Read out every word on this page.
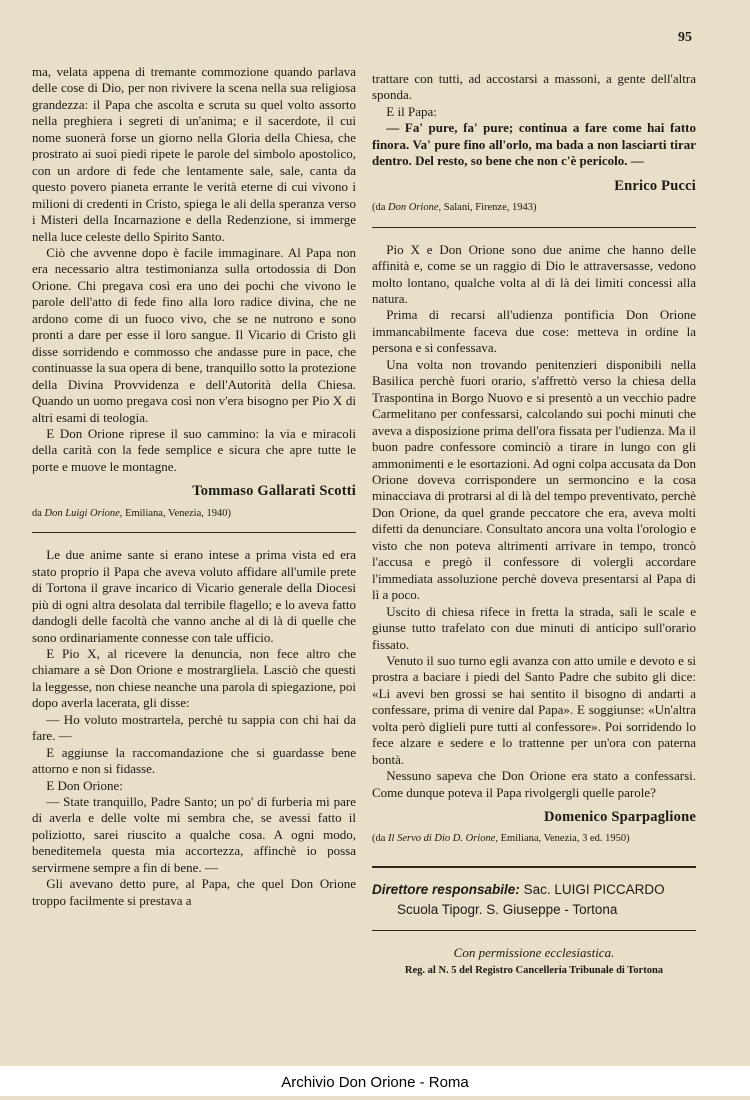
95

ma, velata appena di tremante commozione quando parlava delle cose di Dio, per non rivivere la scena nella sua religiosa grandezza: il Papa che ascolta e scruta su quel volto assorto nella preghiera i segreti di un'anima; e il sacerdote, il cui nome suonerà forse un giorno nella Gloria della Chiesa, che prostrato ai suoi piedi ripete le parole del simbolo apostolico, con un ardore di fede che lentamente sale, sale, canta da questo povero pianeta errante le verità eterne di cui vivono i milioni di credenti in Cristo, spiega le ali della speranza verso i Misteri della Incarnazione e della Redenzione, si immerge nella luce celeste dello Spirito Santo.

Ciò che avvenne dopo è facile immaginare. Al Papa non era necessario altra testimonianza sulla ortodossia di Don Orione. Chi pregava così era uno dei pochi che vivono le parole dell'atto di fede fino alla loro radice divina, che ne ardono come di un fuoco vivo, che se ne nutrono e sono pronti a dare per esse il loro sangue. Il Vicario di Cristo gli disse sorridendo e commosso che andasse pure in pace, che continuasse la sua opera di bene, tranquillo sotto la protezione della Divina Provvidenza e dell'Autorità della Chiesa. Quando un uomo pregava così non v'era bisogno per Pio X di altri esami di teologia.

E Don Orione riprese il suo cammino: la via e miracoli della carità con la fede semplice e sicura che apre tutte le porte e muove le montagne.

Tommaso Gallarati Scotti
da Don Luigi Orione, Emiliana, Venezia, 1940)

Le due anime sante si erano intese a prima vista ed era stato proprio il Papa che aveva voluto affidare all'umile prete di Tortona il grave incarico di Vicario generale della Diocesi più di ogni altra desolata dal terribile flagello; e lo aveva fatto dandogli delle facoltà che vanno anche al di là di quelle che sono ordinariamente connesse con tale ufficio.

E Pio X, al ricevere la denuncia, non fece altro che chiamare a sè Don Orione e mostrargliela. Lasciò che questi la leggesse, non chiese neanche una parola di spiegazione, poi dopo averla lacerata, gli disse:

— Ho voluto mostrartela, perchè tu sappia con chi hai da fare. —

E aggiunse la raccomandazione che si guardasse bene attorno e non si fidasse.

E Don Orione:

— State tranquillo, Padre Santo; un po' di furberia mi pare di averla e delle volte mi sembra che, se avessi fatto il poliziotto, sarei riuscito a qualche cosa. A ogni modo, beneditemela questa mia accortezza, affinchè io possa servirmene sempre a fin di bene. —

Gli avevano detto pure, al Papa, che quel Don Orione troppo facilmente si prestava a

trattare con tutti, ad accostarsi a massoni, a gente dell'altra sponda.

E il Papa:

— Fa' pure, fa' pure; continua a fare come hai fatto finora. Va' pure fino all'orlo, ma bada a non lasciarti tirar dentro. Del resto, so bene che non c'è pericolo. —

Enrico Pucci
(da Don Orione, Salani, Firenze, 1943)

Pio X e Don Orione sono due anime che hanno delle affinità e, come se un raggio di Dio le attraversasse, vedono molto lontano, qualche volta al di là dei limiti concessi alla natura.

Prima di recarsi all'udienza pontificia Don Orione immancabilmente faceva due cose: metteva in ordine la persona e si confessava.

Una volta non trovando penitenzieri disponibili nella Basilica perchè fuori orario, s'affrettò verso la chiesa della Traspontina in Borgo Nuovo e si presentò a un vecchio padre Carmelitano per confessarsi, calcolando sui pochi minuti che aveva a disposizione prima dell'ora fissata per l'udienza. Ma il buon padre confessore cominciò a tirare in lungo con gli ammonimenti e le esortazioni. Ad ogni colpa accusata da Don Orione doveva corrispondere un sermoncino e la cosa minacciava di protrarsi al di là del tempo preventivato, perchè Don Orione, da quel grande peccatore che era, aveva molti difetti da denunciare. Consultato ancora una volta l'orologio e visto che non poteva altrimenti arrivare in tempo, troncò l'accusa e pregò il confessore di volergli accordare l'immediata assoluzione perchè doveva presentarsi al Papa di lì a poco.

Uscito di chiesa rifece in fretta la strada, salì le scale e giunse tutto trafelato con due minuti di anticipo sull'orario fissato.

Venuto il suo turno egli avanza con atto umile e devoto e si prostra a baciare i piedi del Santo Padre che subito gli dice: «Li avevi ben grossi se hai sentito il bisogno di andarti a confessare, prima di venire dal Papa». E soggiunse: «Un'altra volta però diglieli pure tutti al confessore». Poi sorridendo lo fece alzare e sedere e lo trattenne per un'ora con paterna bontà.

Nessuno sapeva che Don Orione era stato a confessarsi. Come dunque poteva il Papa rivolgergli quelle parole?

Domenico Sparpaglione
(da Il Servo di Dio D. Orione, Emiliana, Venezia, 3 ed. 1950)
Direttore responsabile: Sac. LUIGI PICCARDO
Scuola Tipogr. S. Giuseppe - Tortona
Con permissione ecclesiastica.
Reg. al N. 5 del Registro Cancelleria Tribunale di Tortona
Archivio Don Orione - Roma
